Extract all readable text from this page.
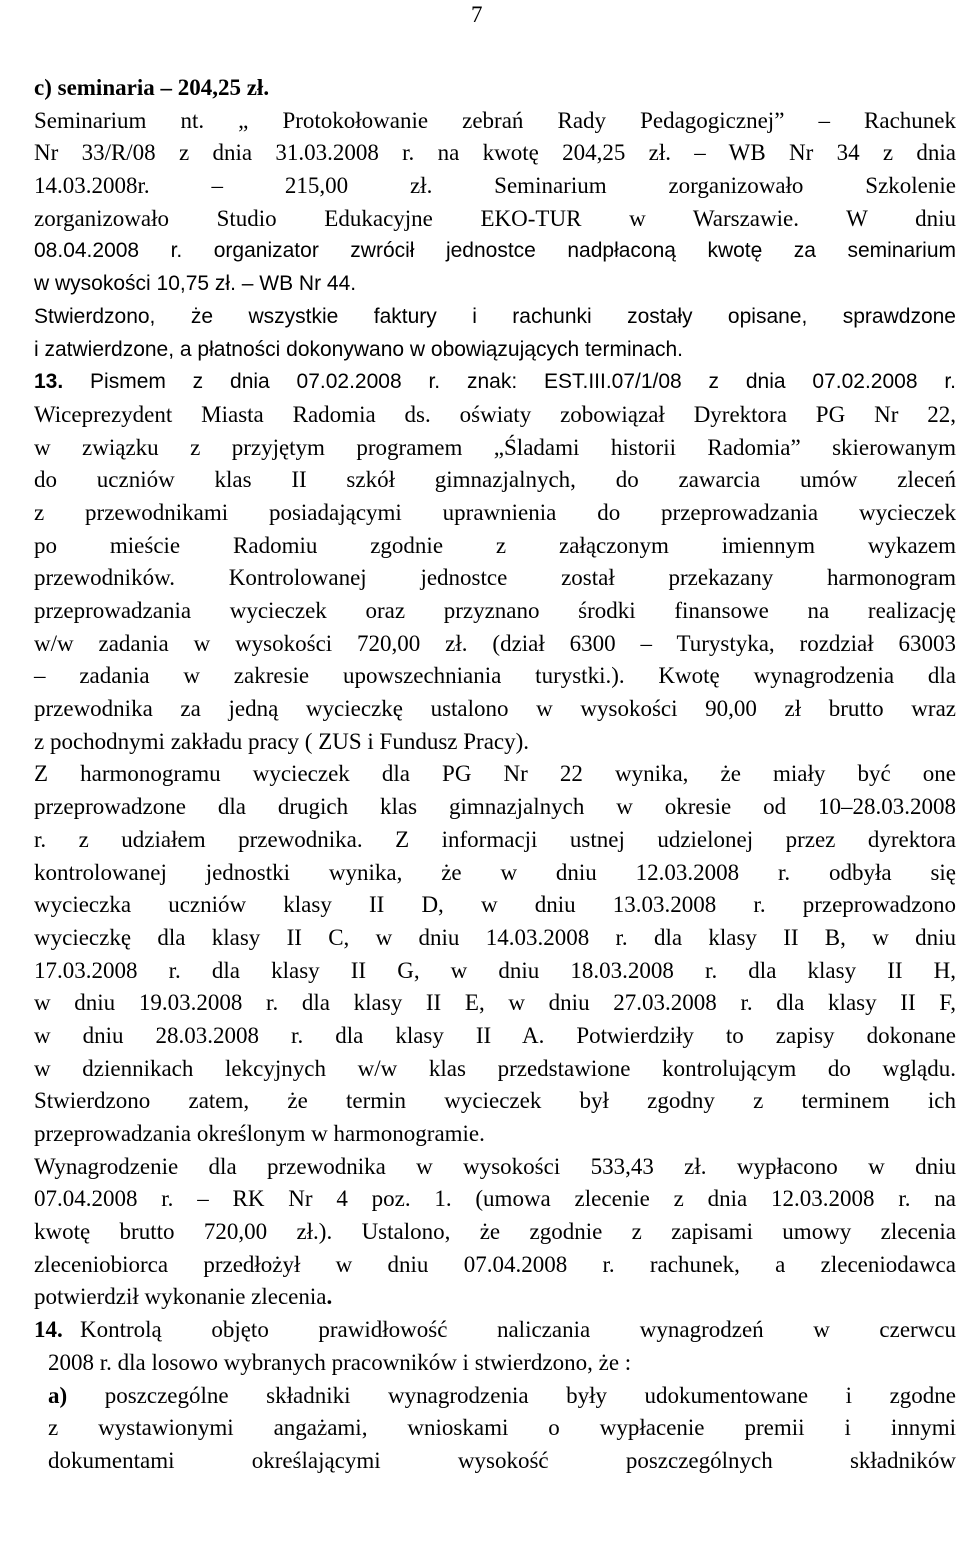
7
c) seminaria – 204,25 zł.
Seminarium nt. „ Protokołowanie zebrań Rady Pedagogicznej” – Rachunek
Nr 33/R/08 z dnia 31.03.2008 r. na kwotę 204,25 zł. – WB Nr 34 z dnia
14.03.2008r. – 215,00 zł. Seminarium zorganizowało Szkolenie
zorganizowało Studio Edukacyjne EKO-TUR w Warszawie. W dniu
08.04.2008 r. organizator zwrócił jednostce nadpłaconą kwotę za seminarium
w wysokości 10,75 zł. – WB Nr 44.
Stwierdzono, że wszystkie faktury i rachunki zostały opisane, sprawdzone
i zatwierdzone, a płatności dokonywano w obowiązujących terminach.
13. Pismem z dnia 07.02.2008 r. znak: EST.III.07/1/08 z dnia 07.02.2008 r.
Wiceprezydent Miasta Radomia ds. oświaty zobowiązał Dyrektora PG Nr 22,
w związku z przyjętym programem „Śladami historii Radomia” skierowanym
do uczniów klas II szkół gimnazjalnych, do zawarcia umów zleceń
z przewodnikami posiadającymi uprawnienia do przeprowadzania wycieczek
po mieście Radomiu zgodnie z załączonym imiennym wykazem
przewodników. Kontrolowanej jednostce został przekazany harmonogram
przeprowadzania wycieczek oraz przyznano środki finansowe na realizację
w/w zadania w wysokości 720,00 zł. (dział 6300 – Turystyka, rozdział 63003
– zadania w zakresie upowszechniania turystki.). Kwotę wynagrodzenia dla
przewodnika za jedną wycieczkę ustalono w wysokości 90,00 zł brutto wraz
z pochodnymi zakładu pracy ( ZUS i Fundusz Pracy).
Z harmonogramu wycieczek dla PG Nr 22 wynika, że miały być one
przeprowadzone dla drugich klas gimnazjalnych w okresie od 10–28.03.2008
r. z udziałem przewodnika. Z informacji ustnej udzielonej przez dyrektora
kontrolowanej jednostki wynika, że w dniu 12.03.2008 r. odbyła się
wycieczka uczniów klasy II D, w dniu 13.03.2008 r. przeprowadzono
wycieczkę dla klasy II C, w dniu 14.03.2008 r. dla klasy II B, w dniu
17.03.2008 r. dla klasy II G, w dniu 18.03.2008 r. dla klasy II H,
w dniu 19.03.2008 r. dla klasy II E, w dniu 27.03.2008 r. dla klasy II F,
w dniu 28.03.2008 r. dla klasy II A. Potwierdziły to zapisy dokonane
w dziennikach lekcyjnych w/w klas przedstawione kontrolującym do wglądu.
Stwierdzono zatem, że termin wycieczek był zgodny z terminem ich
przeprowadzania określonym w harmonogramie.
Wynagrodzenie dla przewodnika w wysokości 533,43 zł. wypłacono w dniu
07.04.2008 r. – RK Nr 4 poz. 1. (umowa zlecenie z dnia 12.03.2008 r. na
kwotę brutto 720,00 zł.). Ustalono, że zgodnie z zapisami umowy zlecenia
zleceniobiorca przedłożył w dniu 07.04.2008 r. rachunek, a zleceniodawca
potwierdził wykonanie zlecenia.
14. Kontrolą objęto prawidłowość naliczania wynagrodzeń w czerwcu
2008 r. dla losowo wybranych pracowników i stwierdzono, że :
a) poszczególne składniki wynagrodzenia były udokumentowane i zgodne
z wystawionymi angażami, wnioskami o wypłacenie premii i innymi
dokumentami określającymi wysokość poszczególnych składników
